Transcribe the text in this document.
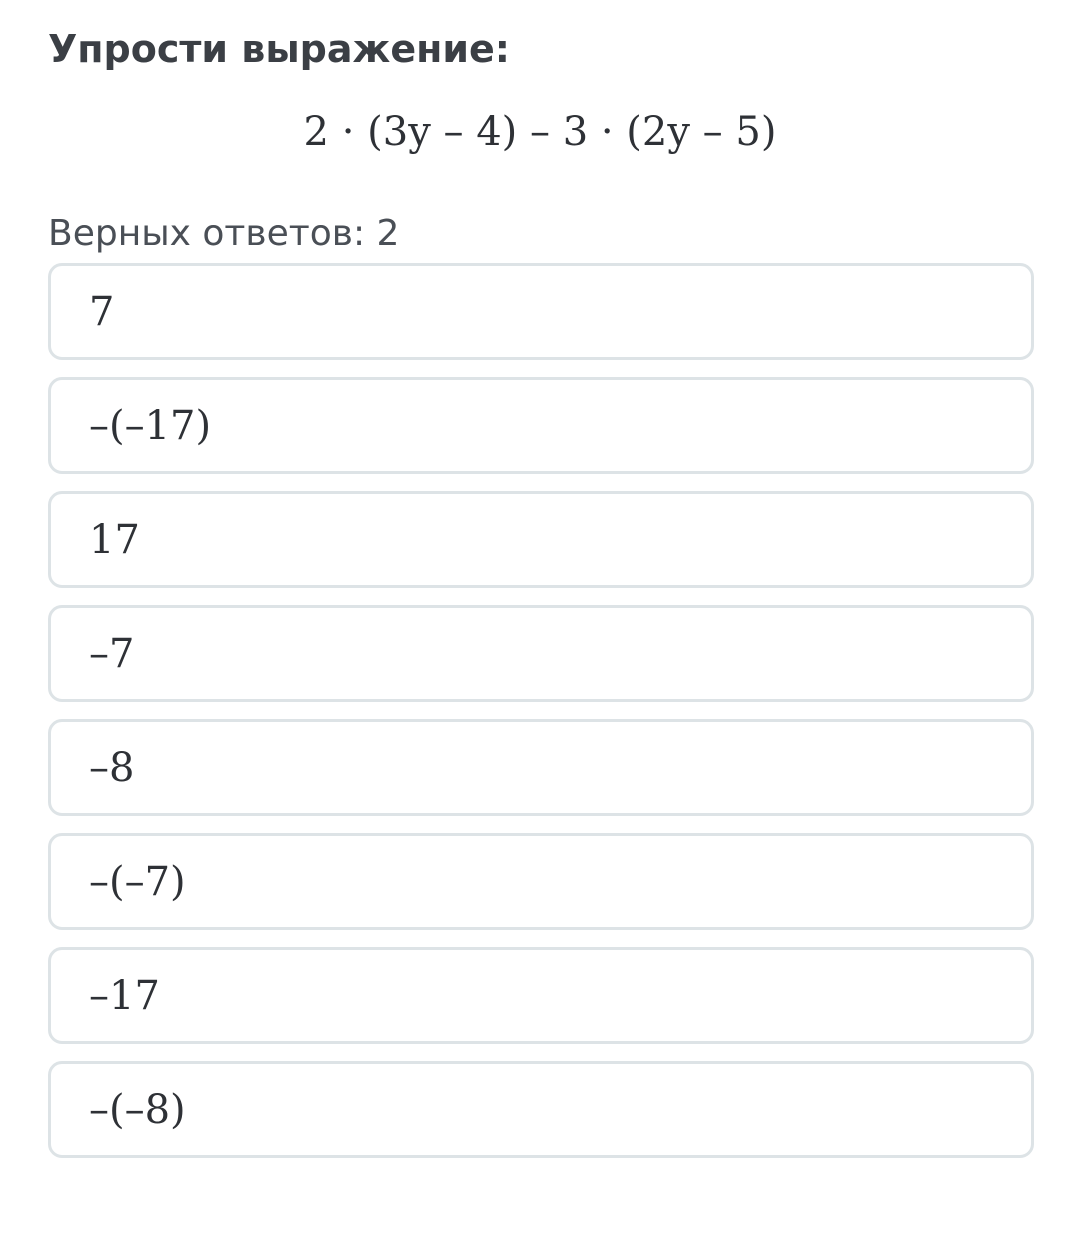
Упрости выражение:
2 · (3y – 4) – 3 · (2y – 5)
Верных ответов: 2
7
–(–17)
17
–7
–8
–(–7)
–17
–(–8)
